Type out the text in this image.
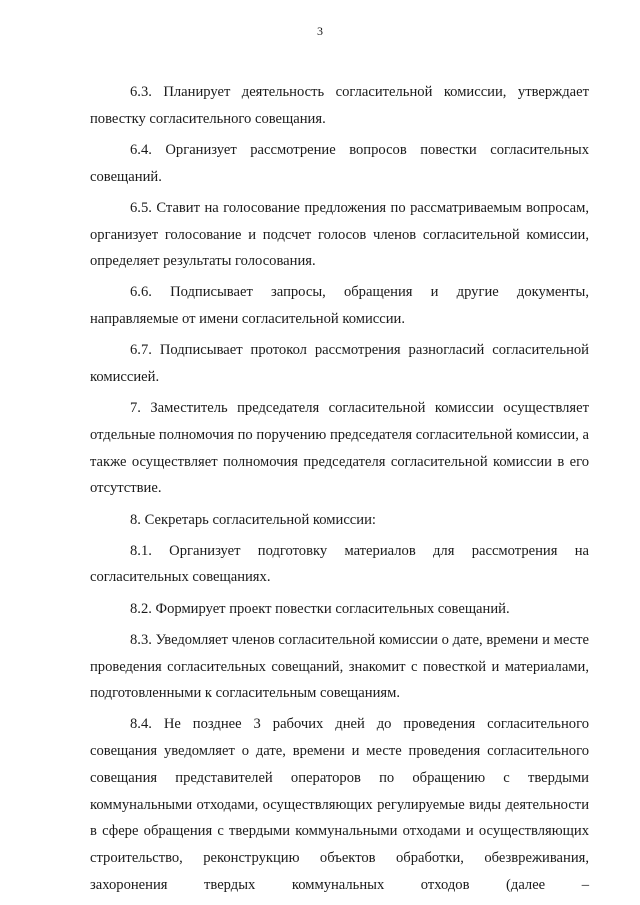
3

6.3. Планирует деятельность согласительной комиссии, утверждает повестку согласительного совещания.

6.4. Организует рассмотрение вопросов повестки согласительных совещаний.

6.5. Ставит на голосование предложения по рассматриваемым вопросам, организует голосование и подсчет голосов членов согласительной комиссии, определяет результаты голосования.

6.6. Подписывает запросы, обращения и другие документы, направляемые от имени согласительной комиссии.

6.7. Подписывает протокол рассмотрения разногласий согласительной комиссией.

7. Заместитель председателя согласительной комиссии осуществляет отдельные полномочия по поручению председателя согласительной комиссии, а также осуществляет полномочия председателя согласительной комиссии в его отсутствие.

8. Секретарь согласительной комиссии:

8.1. Организует подготовку материалов для рассмотрения на согласительных совещаниях.

8.2. Формирует проект повестки согласительных совещаний.

8.3. Уведомляет членов согласительной комиссии о дате, времени и месте проведения согласительных совещаний, знакомит с повесткой и материалами, подготовленными к согласительным совещаниям.

8.4. Не позднее 3 рабочих дней до проведения согласительного совещания уведомляет о дате, времени и месте проведения согласительного совещания представителей операторов по обращению с твердыми коммунальными отходами, осуществляющих регулируемые виды деятельности в сфере обращения с твердыми коммунальными отходами и осуществляющих строительство, реконструкцию объектов обработки, обезвреживания, захоронения твердых коммунальных отходов (далее –
